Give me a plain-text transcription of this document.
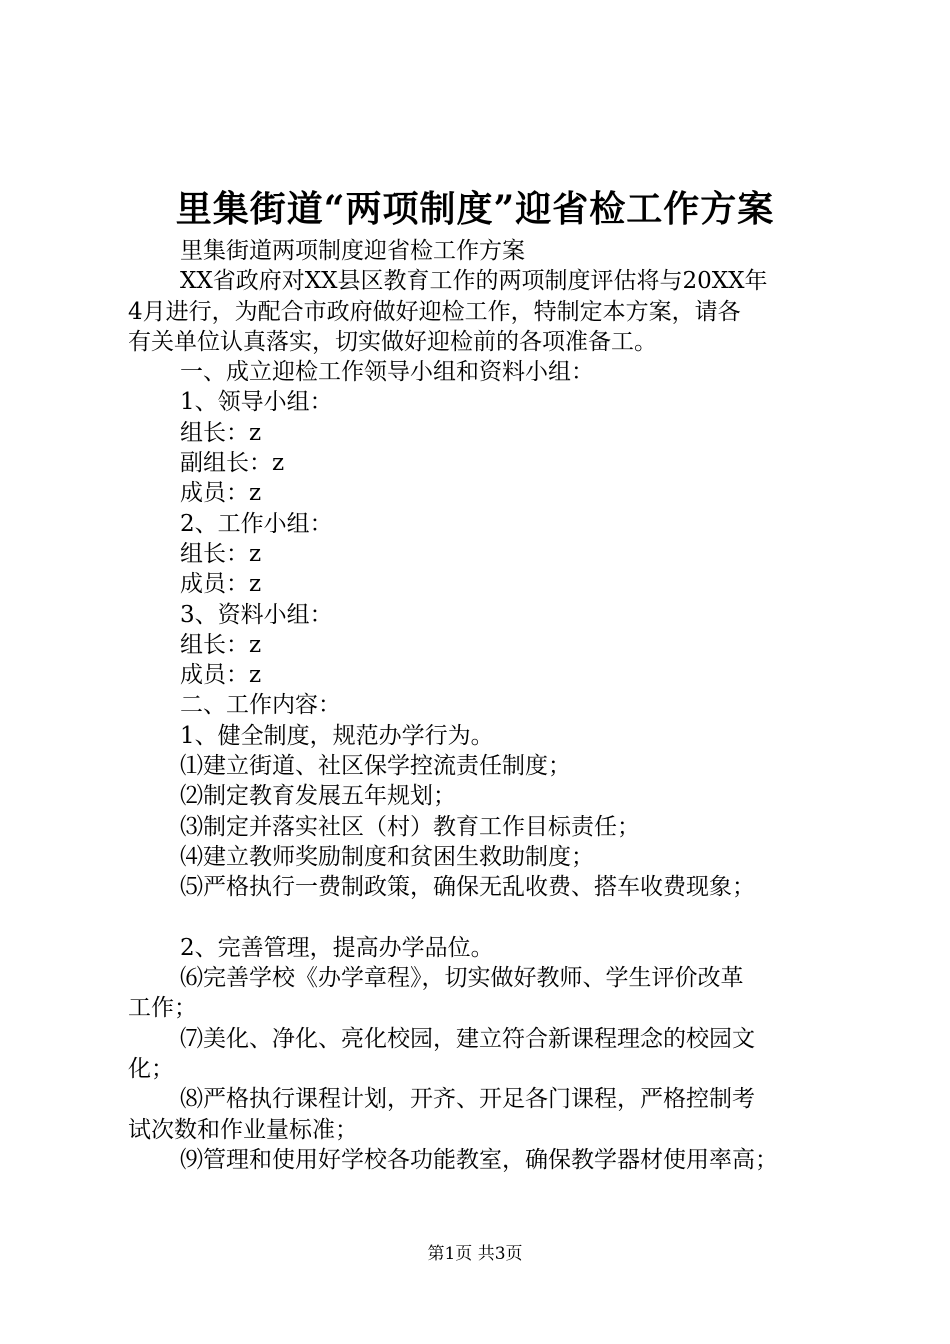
里集街道“两项制度”迎省检工作方案

里集街道两项制度迎省检工作方案

XX省政府对XX县区教育工作的两项制度评估将与20XX年

4月进行，为配合市政府做好迎检工作，特制定本方案，请各

有关单位认真落实，切实做好迎检前的各项准备工。

一、成立迎检工作领导小组和资料小组：

1、领导小组：

组长：z

副组长：z

成员：z

2、工作小组：

组长：z

成员：z

3、资料小组：

组长：z

成员：z

二、工作内容：

1、健全制度，规范办学行为。

⑴建立街道、社区保学控流责任制度；

⑵制定教育发展五年规划；

⑶制定并落实社区（村）教育工作目标责任；

⑷建立教师奖励制度和贫困生救助制度；

⑸严格执行一费制政策，确保无乱收费、搭车收费现象；

2、完善管理，提高办学品位。

⑹完善学校《办学章程》，切实做好教师、学生评价改革

工作；

⑺美化、净化、亮化校园，建立符合新课程理念的校园文

化；

⑻严格执行课程计划，开齐、开足各门课程，严格控制考

试次数和作业量标准；

⑼管理和使用好学校各功能教室，确保教学器材使用率高；

第1页 共3页
